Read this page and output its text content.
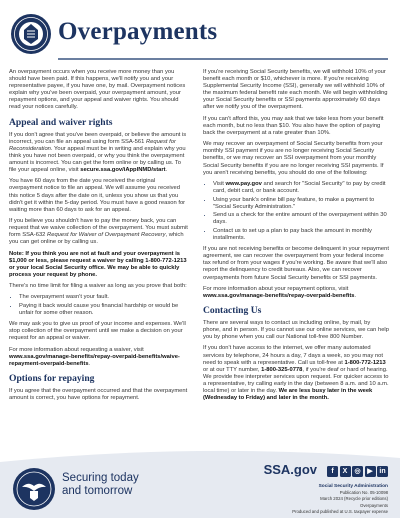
Overpayments

An overpayment occurs when you receive more money than you should have been paid. If this happens, we'll notify you and your representative payee, if you have one, by mail. Overpayment notices explain why you've been overpaid, your overpayment amount, your repayment options, and your appeal and waiver rights. You should read your notices carefully.

Appeal and waiver rights

If you don't agree that you've been overpaid, or believe the amount is incorrect, you can file an appeal using form SSA-561 Request for Reconsideration. Your appeal must be in writing and explain why you think you have not been overpaid, or why you think the overpayment amount is incorrect. You can get the form online or by calling us. To file your appeal online, visit secure.ssa.gov/iApplNMD/start.

You have 60 days from the date you received the original overpayment notice to file an appeal. We will assume you received this notice 5 days after the date on it, unless you show us that you didn't get it within the 5-day period. You must have a good reason for waiting more than 60 days to ask for an appeal.

If you believe you shouldn't have to pay the money back, you can request that we waive collection of the overpayment. You must submit form SSA-632 Request for Waiver of Overpayment Recovery, which you can get online or by calling us.

Note: If you think you are not at fault and your overpayment is $1,000 or less, please request a waiver by calling 1-800-772-1213 or your local Social Security office. We may be able to quickly process your request by phone.

There's no time limit for filing a waiver as long as you prove that both:

• The overpayment wasn't your fault.
• Paying it back would cause you financial hardship or would be unfair for some other reason.

We may ask you to give us proof of your income and expenses. We'll stop collection of the overpayment until we make a decision on your request for an appeal or waiver.

For more information about requesting a waiver, visit www.ssa.gov/manage-benefits/repay-overpaid-benefits/waive-repayment-overpaid-benefits.

Options for repaying

If you agree that the overpayment occurred and that the overpayment amount is correct, you have options for repayment.

If you're receiving Social Security benefits, we will withhold 10% of your benefit each month or $10, whichever is more. If you're receiving Supplemental Security Income (SSI), generally we will withhold 10% of the maximum federal benefit rate each month. We will begin withholding your Social Security benefits or SSI payments approximately 60 days after we notify you of the overpayment.

If you can't afford this, you may ask that we take less from your benefit each month, but no less than $10. You also have the option of paying back the overpayment at a rate greater than 10%.

We may recover an overpayment of Social Security benefits from your monthly SSI payment if you are no longer receiving Social Security benefits, or we may recover an SSI overpayment from your monthly Social Security benefits if you are no longer receiving SSI payments. If you aren't receiving benefits, you should do one of the following:

• Visit www.pay.gov and search for "Social Security" to pay by credit card, debit card, or bank account.
• Using your bank's online bill pay feature, to make a payment to "Social Security Administration."
• Send us a check for the entire amount of the overpayment within 30 days.
• Contact us to set up a plan to pay back the amount in monthly installments.

If you are not receiving benefits or become delinquent in your repayment agreement, we can recover the overpayment from your federal income tax refund or from your wages if you're working. Be aware that we'll also report the delinquency to credit bureaus. Also, we can recover overpayments from future Social Security benefits or SSI payments.

For more information about your repayment options, visit www.ssa.gov/manage-benefits/repay-overpaid-benefits.

Contacting Us

There are several ways to contact us including online, by mail, by phone, and in person. If you cannot use our online services, we can help you by phone when you call our National toll-free 800 Number.

If you don't have access to the internet, we offer many automated services by telephone, 24 hours a day, 7 days a week, so you may not need to speak with a representative. Call us toll-free at 1-800-772-1213 or at our TTY number, 1-800-325-0778, if you're deaf or hard of hearing. We provide free interpreter services upon request. For quicker access to a representative, try calling early in the day (between 8 a.m. and 10 a.m. local time) or later in the day. We are less busy later in the week (Wednesday to Friday) and later in the month.

Securing today
and tomorrow

SSA.gov f X ◎ ▶ in
Social Security Administration
Publication No. 05-10098
March 2024 (Recycle prior editions)
Overpayments
Produced and published at U.S. taxpayer expense
